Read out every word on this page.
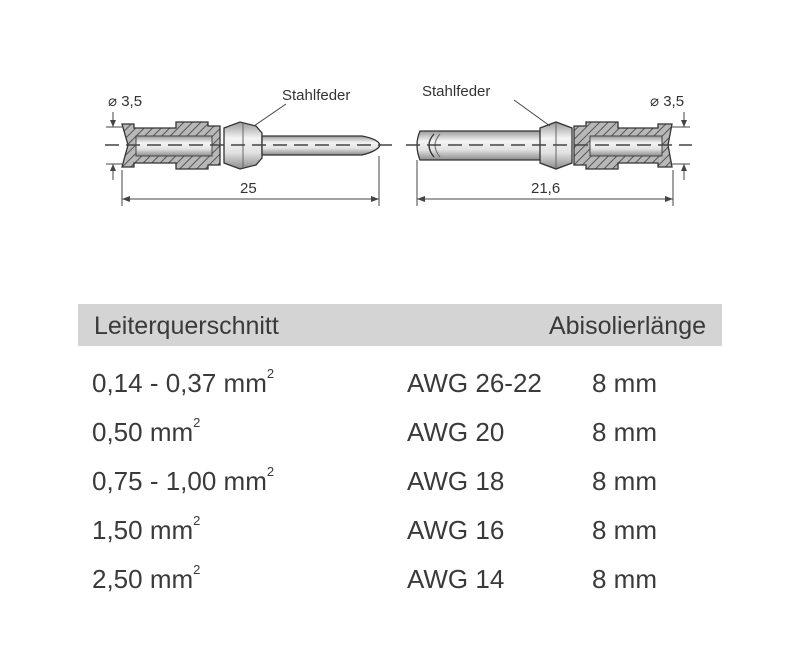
⌀ 3,5	Stahlfeder
25
⌀ 3,5
Stahlfeder
21,6
Leiterquerschnitt	Abisolierlänge
0,14 - 0,37 $mm^2$	AWG 26-22 8 mm
0,50 $mm^2$	AWG 20	8 mm
0,75 - 1,00 $mm^2$	AWG 18	8 mm
1,50 $mm^2$	AWG 16	8 mm
2,50 $mm^2$	AWG 14	8 mm
